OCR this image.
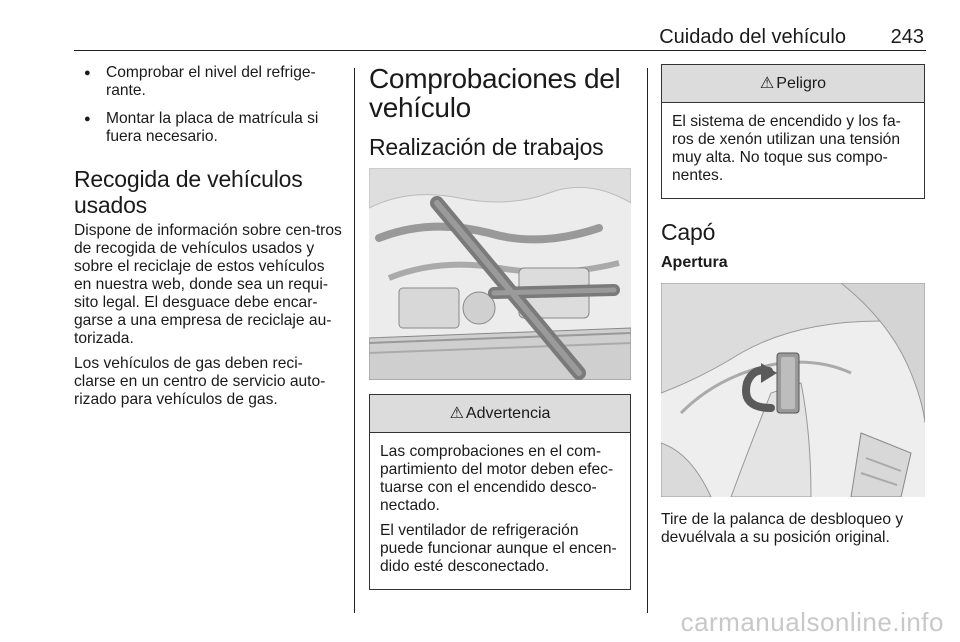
Cuidado del vehículo 243
● Comprobar el nivel del refrige-rante.
● Montar la placa de matrícula si fuera necesario.
Recogida de vehículos usados

Dispone de información sobre cen-tros de recogida de vehículos usados y sobre el reciclaje de estos vehículos en nuestra web, donde sea un requi-sito legal. El desguace debe encar-garse a una empresa de reciclaje au-torizada.

Los vehículos de gas deben reci-clarse en un centro de servicio auto-rizado para vehículos de gas.

Comprobaciones del vehículo
Realización de trabajos
⚠ Advertencia

Las comprobaciones en el com-partimiento del motor deben efec-tuarse con el encendido desco-nectado.

El ventilador de refrigeración puede funcionar aunque el encen-dido esté desconectado.

⚠ Peligro

El sistema de encendido y los fa-ros de xenón utilizan una tensión muy alta. No toque sus compo-nentes.

Capó
Apertura

Tire de la palanca de desbloqueo y devuélvala a su posición original.

carmanualsonline.info
